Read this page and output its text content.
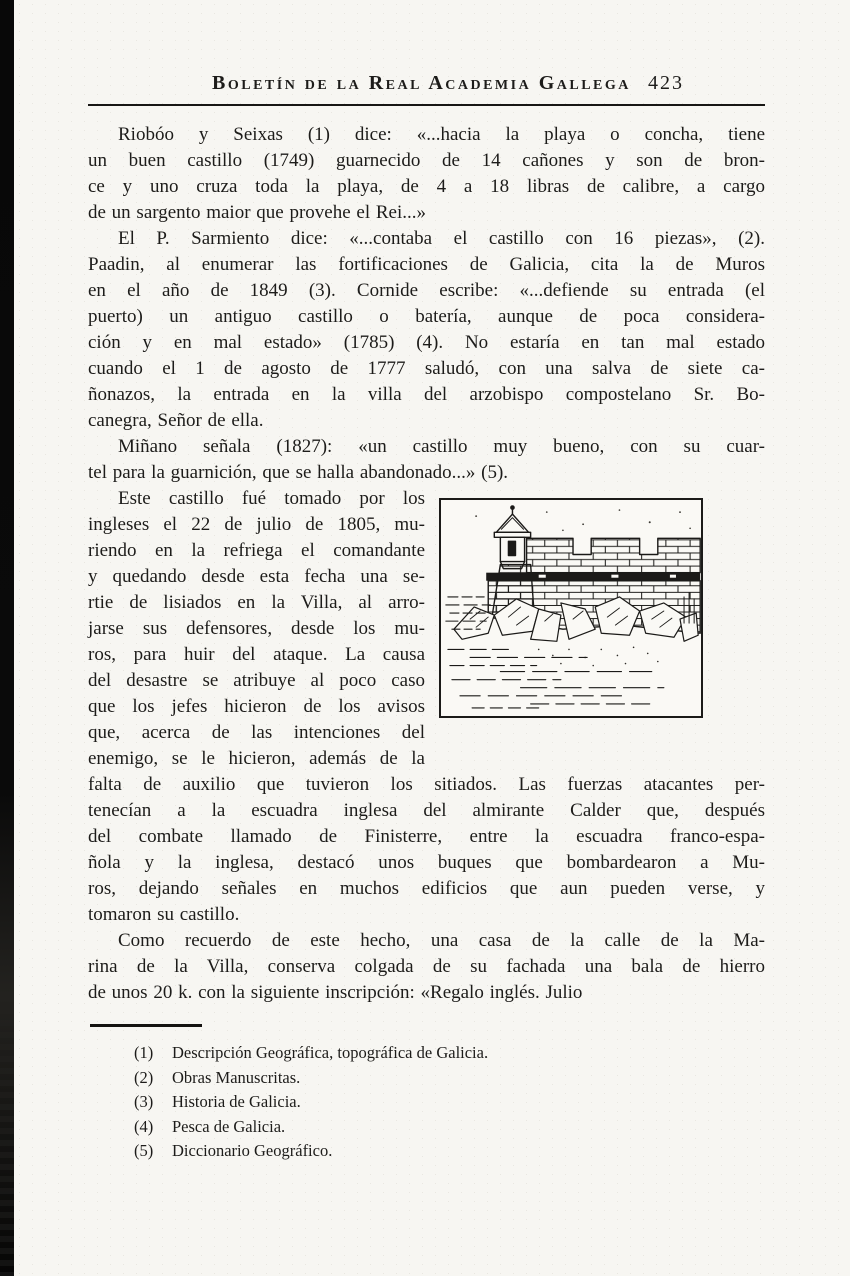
Boletín de la Real Academia Gallega 423
Riobóo y Seixas (1) dice: «...hacia la playa o concha, tiene
un buen castillo (1749) guarnecido de 14 cañones y son de bron-
ce y uno cruza toda la playa, de 4 a 18 libras de calibre, a cargo
de un sargento maior que provehe el Rei...»
El P. Sarmiento dice: «...contaba el castillo con 16 piezas», (2).
Paadin, al enumerar las fortificaciones de Galicia, cita la de Muros
en el año de 1849 (3). Cornide escribe: «...defiende su entrada (el
puerto) un antiguo castillo o batería, aunque de poca considera-
ción y en mal estado» (1785) (4). No estaría en tan mal estado
cuando el 1 de agosto de 1777 saludó, con una salva de siete ca-
ñonazos, la entrada en la villa del arzobispo compostelano Sr. Bo-
canegra, Señor de ella.
Miñano señala (1827): «un castillo muy bueno, con su cuar-
tel para la guarnición, que se halla abandonado...» (5).
Este castillo fué tomado por los
ingleses el 22 de julio de 1805, mu-
riendo en la refriega el comandante
y quedando desde esta fecha una se-
rtie de lisiados en la Villa, al arro-
jarse sus defensores, desde los mu-
ros, para huir del ataque. La causa
del desastre se atribuye al poco caso
que los jefes hicieron de los avisos
que, acerca de las intenciones del
enemigo, se le hicieron, además de la
falta de auxilio que tuvieron los sitiados. Las fuerzas atacantes per-
tenecían a la escuadra inglesa del almirante Calder que, después
del combate llamado de Finisterre, entre la escuadra franco-espa-
ñola y la inglesa, destacó unos buques que bombardearon a Mu-
ros, dejando señales en muchos edificios que aun pueden verse, y
tomaron su castillo.
Como recuerdo de este hecho, una casa de la calle de la Ma-
rina de la Villa, conserva colgada de su fachada una bala de hierro
de unos 20 k. con la siguiente inscripción: «Regalo inglés. Julio
(1)	Descripción Geográfica, topográfica de Galicia.
(2)	Obras Manuscritas.
(3)	Historia de Galicia.
(4)	Pesca de Galicia.
(5)	Diccionario Geográfico.
